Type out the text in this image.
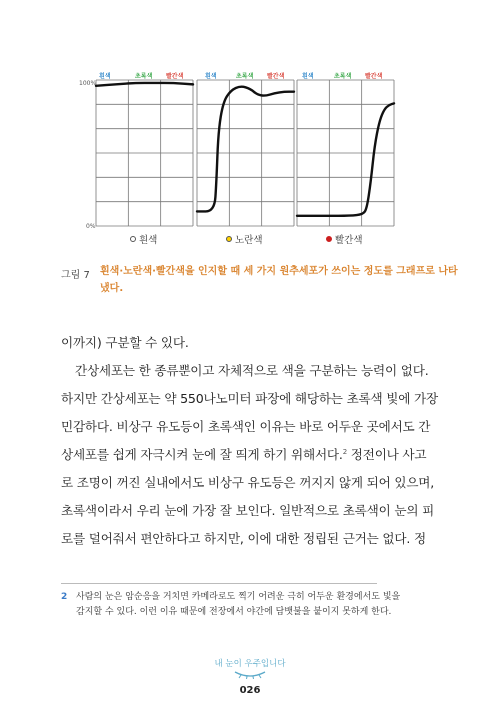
흰색	초록색 빨간색	흰색	초록색 빨간색	흰색	초록색 빨간색
100%
0%
흰색	노란색	빨간색
그림 7 흰색·노란색·빨간색을 인지할 때 세 가지 원추세포가 쓰이는 정도를 그래프로 나타
냈다.
이까지) 구분할 수 있다.
간상세포는 한 종류뿐이고 자체적으로 색을 구분하는 능력이 없다.
하지만 간상세포는 약 550나노미터 파장에 해당하는 초록색 빛에 가장
민감하다. 비상구 유도등이 초록색인 이유는 바로 어두운 곳에서도 간
상세포를 쉽게 자극시켜 눈에 잘 띄게 하기 위해서다.$^2$ 정전이나 사고
로 조명이 꺼진 실내에서도 비상구 유도등은 꺼지지 않게 되어 있으며,
초록색이라서 우리 눈에 가장 잘 보인다. 일반적으로 초록색이 눈의 피
로를 덜어줘서 편안하다고 하지만, 이에 대한 정립된 근거는 없다. 정
2 사람의 눈은 암순응을 거치면 카메라로도 찍기 어려운 극히 어두운 환경에서도 빛을
감지할 수 있다. 이런 이유 때문에 전장에서 야간에 담뱃불을 붙이지 못하게 한다.
내 눈이 우주입니다
026
